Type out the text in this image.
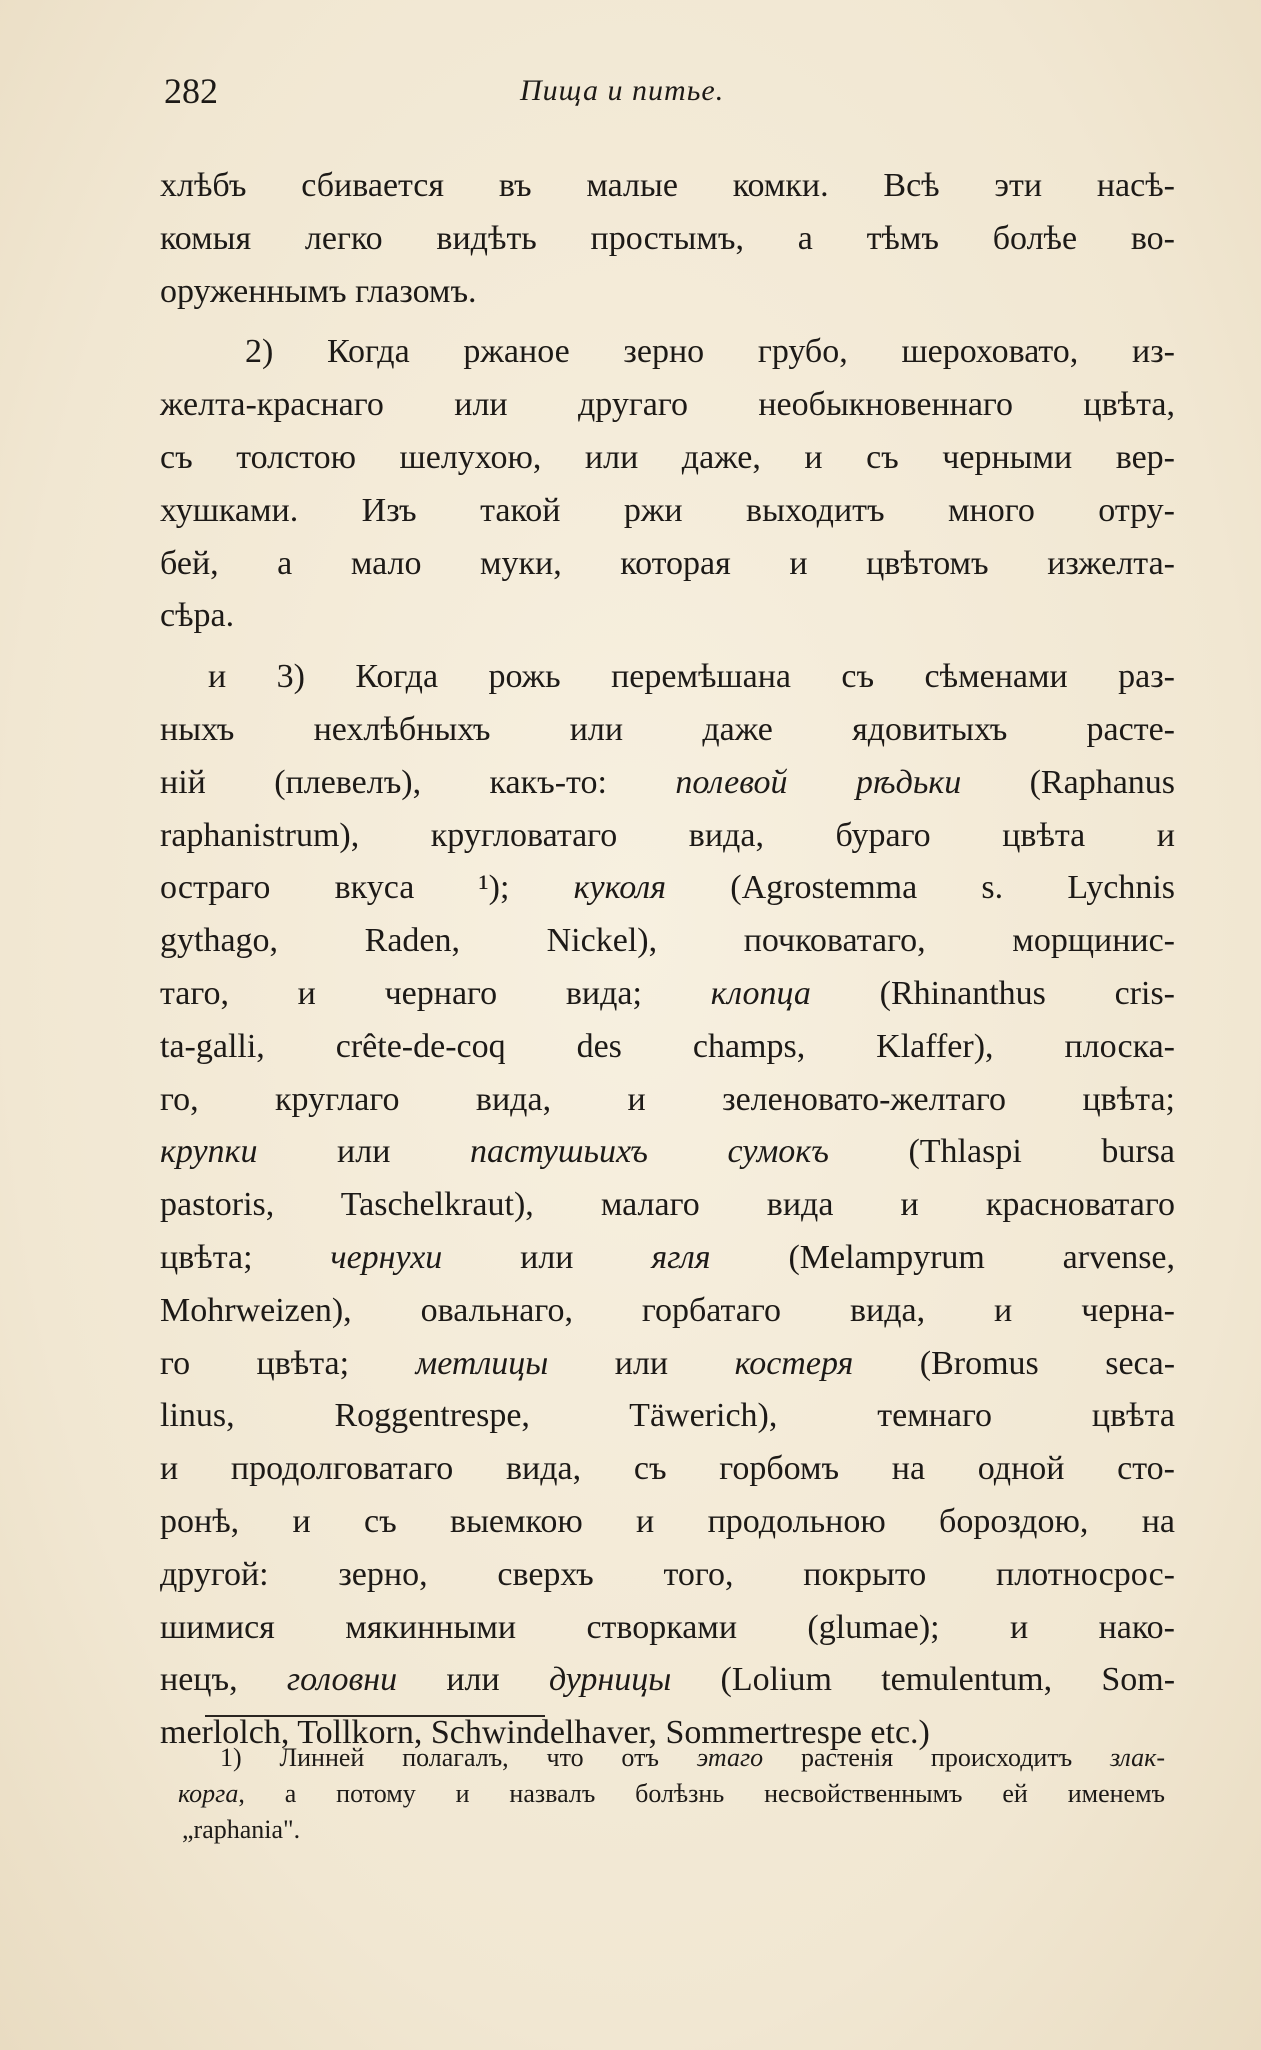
282	Пища и питье.
хлѣбъ сбивается въ малые комки. Всѣ эти насѣ-
комыя легко видѣть простымъ, а тѣмъ болѣе во-
оруженнымъ глазомъ.
2) Когда ржаное зерно грубо, шероховато, из-
желта-краснаго или другаго необыкновеннаго цвѣта,
съ толстою шелухою, или даже, и съ черными вер-
хушками. Изъ такой ржи выходитъ много отру-
бей, а мало муки, которая и цвѣтомъ изжелта-
сѣра.
и 3) Когда рожь перемѣшана съ сѣменами раз-
ныхъ нехлѣбныхъ или даже ядовитыхъ расте-
ній (плевелъ), какъ-то: полевой рѣдьки (Raphanus
raphanistrum), кругловатаго вида, бураго цвѣта и
остраго вкуса ¹); куколя (Agrostemma s. Lychnis
gythago, Raden, Nickel), почковатаго, морщинис-
таго, и чернаго вида; клопца (Rhinanthus cris-
ta-galli, crête-de-coq des champs, Klaffer), плоска-
го, круглаго вида, и зеленовато-желтаго цвѣта;
крупки или пастушьихъ сумокъ (Thlaspi bursa
pastoris, Taschelkraut), малаго вида и красноватаго
цвѣта; чернухи или ягля (Melampyrum arvense,
Mohrweizen), овальнаго, горбатаго вида, и черна-
го цвѣта; метлицы или костеря (Bromus seca-
linus, Roggentrespe, Täwerich), темнаго цвѣта
и продолговатаго вида, съ горбомъ на одной сто-
ронѣ, и съ выемкою и продольною бороздою, на
другой: зерно, сверхъ того, покрыто плотносрос-
шимися мякинными створками (glumae); и нако-
нецъ, головни или дурницы (Lolium temulentum, Som-
merlolch, Tollkorn, Schwindelhaver, Sommertrespe etc.)
1) Линней полагалъ, что отъ этаго растенія происходитъ злак-
корга, а потому и назвалъ болѣзнь несвойственнымъ ей именемъ
„raphania".
